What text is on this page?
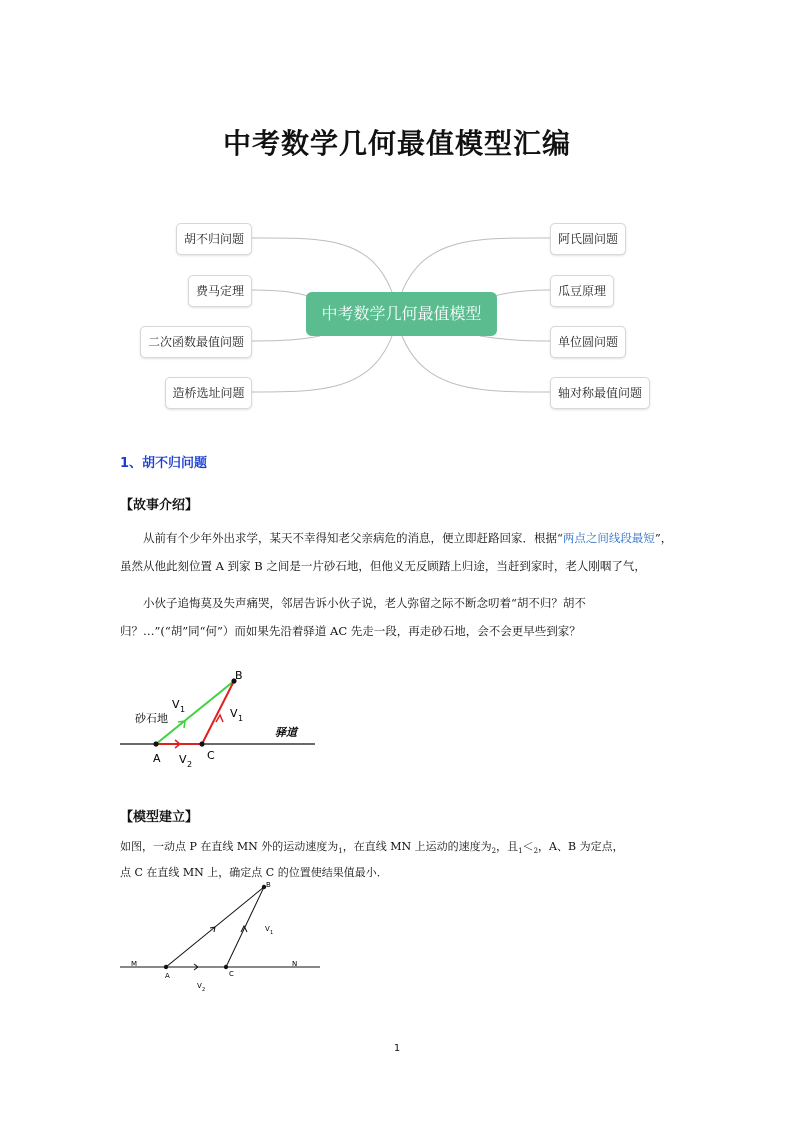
中考数学几何最值模型汇编
中考数学几何最值模型
胡不归问题
费马定理
二次函数最值问题
造桥选址问题
阿氏圆问题
瓜豆原理
单位圆问题
轴对称最值问题
1、胡不归问题
【故事介绍】
从前有个少年外出求学，某天不幸得知老父亲病危的消息，便立即赶路回家．根据“两点之间线段最短”，虽然从他此刻位置 A 到家 B 之间是一片砂石地，但他义无反顾踏上归途，当赶到家时，老人刚咽了气，
小伙子追悔莫及失声痛哭，邻居告诉小伙子说，老人弥留之际不断念叨着“胡不归？胡不归？…”(“胡”同“何”）而如果先沿着驿道 AC 先走一段，再走砂石地，会不会更早些到家？
B
A	C
砂石地
驿道
V 1	V 1
V 2
【模型建立】
如图，一动点 P 在直线 MN 外的运动速度为$_1$，在直线 MN 上运动的速度为$_2$，且$_1<_2$，A、B 为定点，
点 C 在直线 MN 上，确定点 C 的位置使结果值最小．
M	N
A	C
B
V 1
V 2
1
